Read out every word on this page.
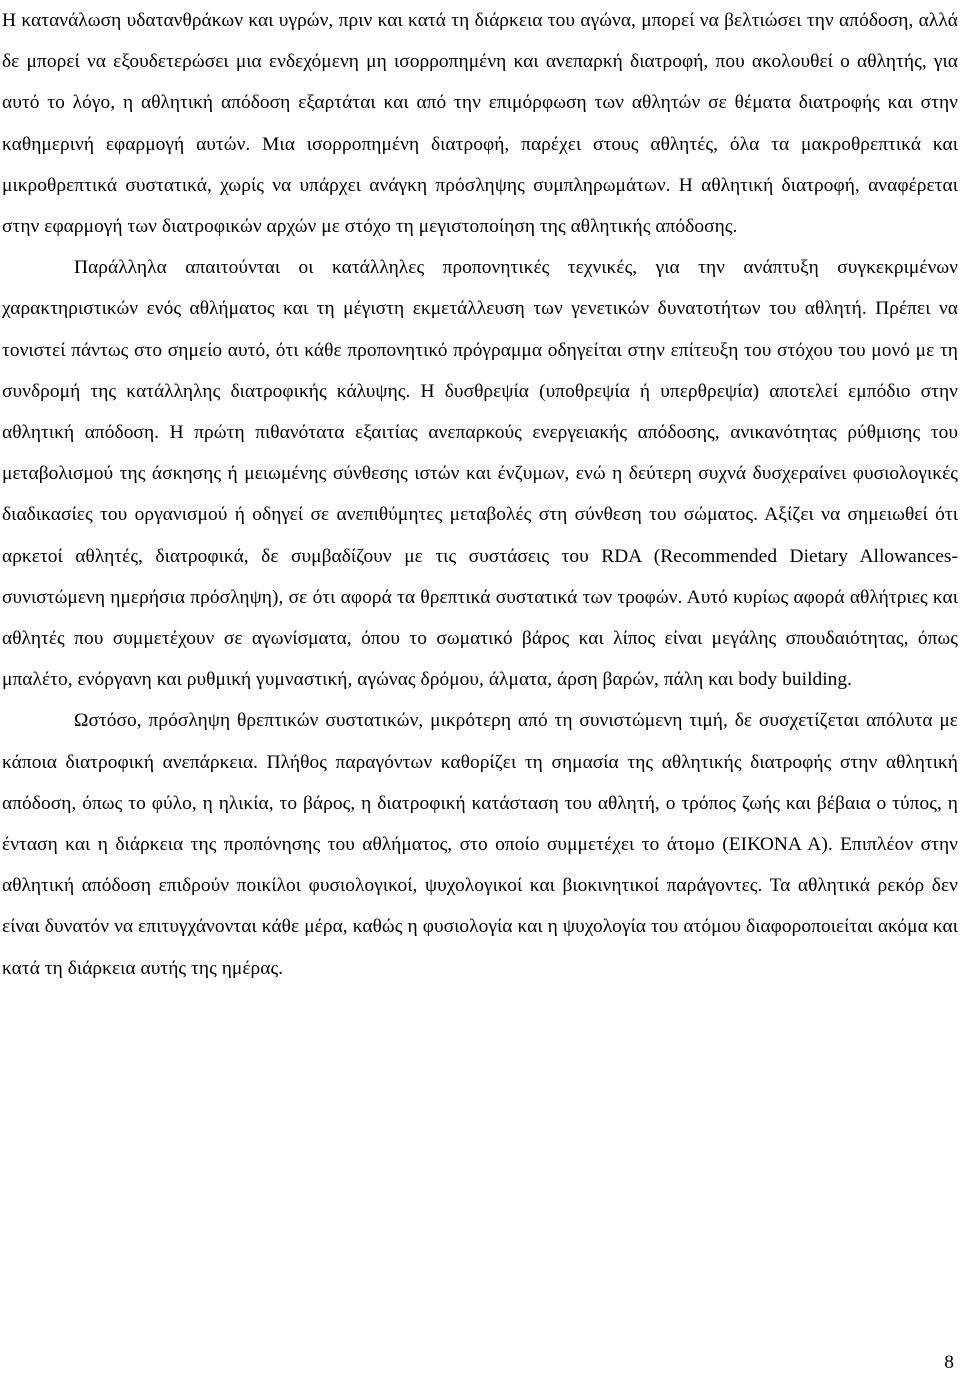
Η κατανάλωση υδατανθράκων και υγρών, πριν και κατά τη διάρκεια του αγώνα, μπορεί να βελτιώσει την απόδοση, αλλά δε μπορεί να εξουδετερώσει μια ενδεχόμενη μη ισορροπημένη και ανεπαρκή διατροφή, που ακολουθεί ο αθλητής, για αυτό το λόγο, η αθλητική απόδοση εξαρτάται και από την επιμόρφωση των αθλητών σε θέματα διατροφής και στην καθημερινή εφαρμογή αυτών. Μια ισορροπημένη διατροφή, παρέχει στους αθλητές, όλα τα μακροθρεπτικά και μικροθρεπτικά συστατικά, χωρίς να υπάρχει ανάγκη πρόσληψης συμπληρωμάτων. Η αθλητική διατροφή, αναφέρεται στην εφαρμογή των διατροφικών αρχών με στόχο τη μεγιστοποίηση της αθλητικής απόδοσης.

Παράλληλα απαιτούνται οι κατάλληλες προπονητικές τεχνικές, για την ανάπτυξη συγκεκριμένων χαρακτηριστικών ενός αθλήματος και τη μέγιστη εκμετάλλευση των γενετικών δυνατοτήτων του αθλητή. Πρέπει να τονιστεί πάντως στο σημείο αυτό, ότι κάθε προπονητικό πρόγραμμα οδηγείται στην επίτευξη του στόχου του μονό με τη συνδρομή της κατάλληλης διατροφικής κάλυψης. Η δυσθρεψία (υποθρεψία ή υπερθρεψία) αποτελεί εμπόδιο στην αθλητική απόδοση. Η πρώτη πιθανότατα εξαιτίας ανεπαρκούς ενεργειακής απόδοσης, ανικανότητας ρύθμισης του μεταβολισμού της άσκησης ή μειωμένης σύνθεσης ιστών και ένζυμων, ενώ η δεύτερη συχνά δυσχεραίνει φυσιολογικές διαδικασίες του οργανισμού ή οδηγεί σε ανεπιθύμητες μεταβολές στη σύνθεση του σώματος. Αξίζει να σημειωθεί ότι αρκετοί αθλητές, διατροφικά, δε συμβαδίζουν με τις συστάσεις του RDA (Recommended Dietary Allowances- συνιστώμενη ημερήσια πρόσληψη), σε ότι αφορά τα θρεπτικά συστατικά των τροφών. Αυτό κυρίως αφορά αθλήτριες και αθλητές που συμμετέχουν σε αγωνίσματα, όπου το σωματικό βάρος και λίπος είναι μεγάλης σπουδαιότητας, όπως μπαλέτο, ενόργανη και ρυθμική γυμναστική, αγώνας δρόμου, άλματα, άρση βαρών, πάλη και body building.

Ωστόσο, πρόσληψη θρεπτικών συστατικών, μικρότερη από τη συνιστώμενη τιμή, δε συσχετίζεται απόλυτα με κάποια διατροφική ανεπάρκεια. Πλήθος παραγόντων καθορίζει τη σημασία της αθλητικής διατροφής στην αθλητική απόδοση, όπως το φύλο, η ηλικία, το βάρος, η διατροφική κατάσταση του αθλητή, ο τρόπος ζωής και βέβαια ο τύπος, η ένταση και η διάρκεια της προπόνησης του αθλήματος, στο οποίο συμμετέχει το άτομο (ΕΙΚΟΝΑ Α). Επιπλέον στην αθλητική απόδοση επιδρούν ποικίλοι φυσιολογικοί, ψυχολογικοί και βιοκινητικοί παράγοντες. Τα αθλητικά ρεκόρ δεν είναι δυνατόν να επιτυγχάνονται κάθε μέρα, καθώς η φυσιολογία και η ψυχολογία του ατόμου διαφοροποιείται ακόμα και κατά τη διάρκεια αυτής της ημέρας.

8
